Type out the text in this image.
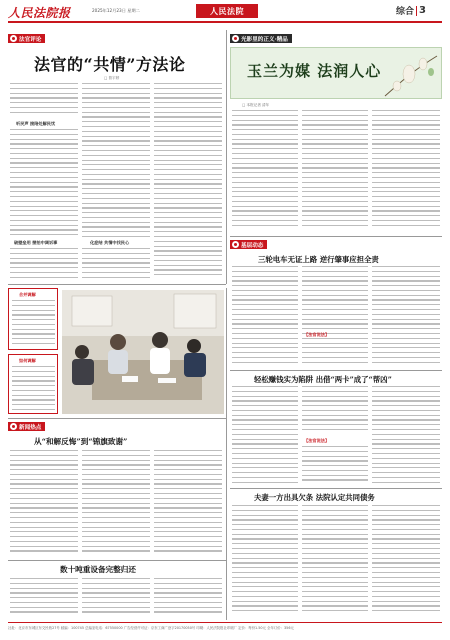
人民法院报	2025年12月23日 星期二	人民法院	综合 3
法官评论
法官的“共情”方法论
□ 曾宇婷
听民声 接陪处解民忧
破壁垒用 摆拍中调诉事	化症结 共情中找民心
光影里的正义·精品
玉兰为媒 法润人心
□ 本报记者 清年
基层动态
三轮电车无证上路 逆行肇事应担全责
【法官说法】
轻松赚钱实为陷阱 出借“两卡”成了“帮凶”
【法官说法】
夫妻一方出具欠条 法院认定共同债务
合并调解
如何调解
新闻热点
从“和解反悔”到“锦旗致谢”
数十吨重设备完整归还
社址：北京市东城区东交民巷27号 邮编：100745 总编室电话：67550000 广告经营许可证：京东工商广登字20170050号 印刷：人民法院报社印刷厂 定价：每份1.50元 全年订价：356元
